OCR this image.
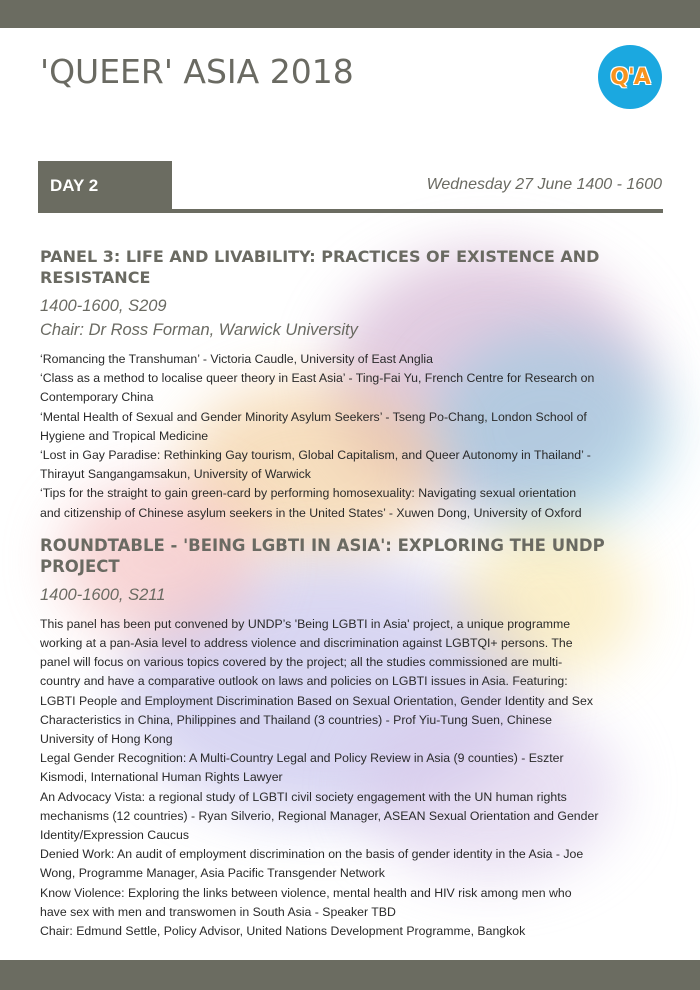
'QUEER' ASIA 2018	Q'A
DAY 2	Wednesday 27 June 1400 - 1600

PANEL 3: LIFE AND LIVABILITY: PRACTICES OF EXISTENCE AND

RESISTANCE

1400-1600, S209

Chair: Dr Ross Forman, Warwick University

‘Romancing the Transhuman’ - Victoria Caudle, University of East Anglia

‘Class as a method to localise queer theory in East Asia’ - Ting-Fai Yu, French Centre for Research on

Contemporary China

‘Mental Health of Sexual and Gender Minority Asylum Seekers’ - Tseng Po-Chang, London School of

Hygiene and Tropical Medicine

‘Lost in Gay Paradise: Rethinking Gay tourism, Global Capitalism, and Queer Autonomy in Thailand’ -

Thirayut Sangangamsakun, University of Warwick

‘Tips for the straight to gain green-card by performing homosexuality: Navigating sexual orientation

and citizenship of Chinese asylum seekers in the United States’ - Xuwen Dong, University of Oxford

ROUNDTABLE - 'BEING LGBTI IN ASIA': EXPLORING THE UNDP PROJECT

1400-1600, S211

This panel has been put convened by UNDP’s 'Being LGBTI in Asia' project, a unique programme

working at a pan-Asia level to address violence and discrimination against LGBTQI+ persons. The

panel will focus on various topics covered by the project; all the studies commissioned are multi-

country and have a comparative outlook on laws and policies on LGBTI issues in Asia. Featuring:

LGBTI People and Employment Discrimination Based on Sexual Orientation, Gender Identity and Sex

Characteristics in China, Philippines and Thailand (3 countries) - Prof Yiu-Tung Suen, Chinese

University of Hong Kong

Legal Gender Recognition: A Multi-Country Legal and Policy Review in Asia (9 counties) - Eszter

Kismodi, International Human Rights Lawyer

An Advocacy Vista: a regional study of LGBTI civil society engagement with the UN human rights

mechanisms (12 countries) - Ryan Silverio, Regional Manager, ASEAN Sexual Orientation and Gender

Identity/Expression Caucus

Denied Work: An audit of employment discrimination on the basis of gender identity in the Asia - Joe

Wong, Programme Manager, Asia Pacific Transgender Network

Know Violence: Exploring the links between violence, mental health and HIV risk among men who

have sex with men and transwomen in South Asia - Speaker TBD

Chair: Edmund Settle, Policy Advisor, United Nations Development Programme, Bangkok
